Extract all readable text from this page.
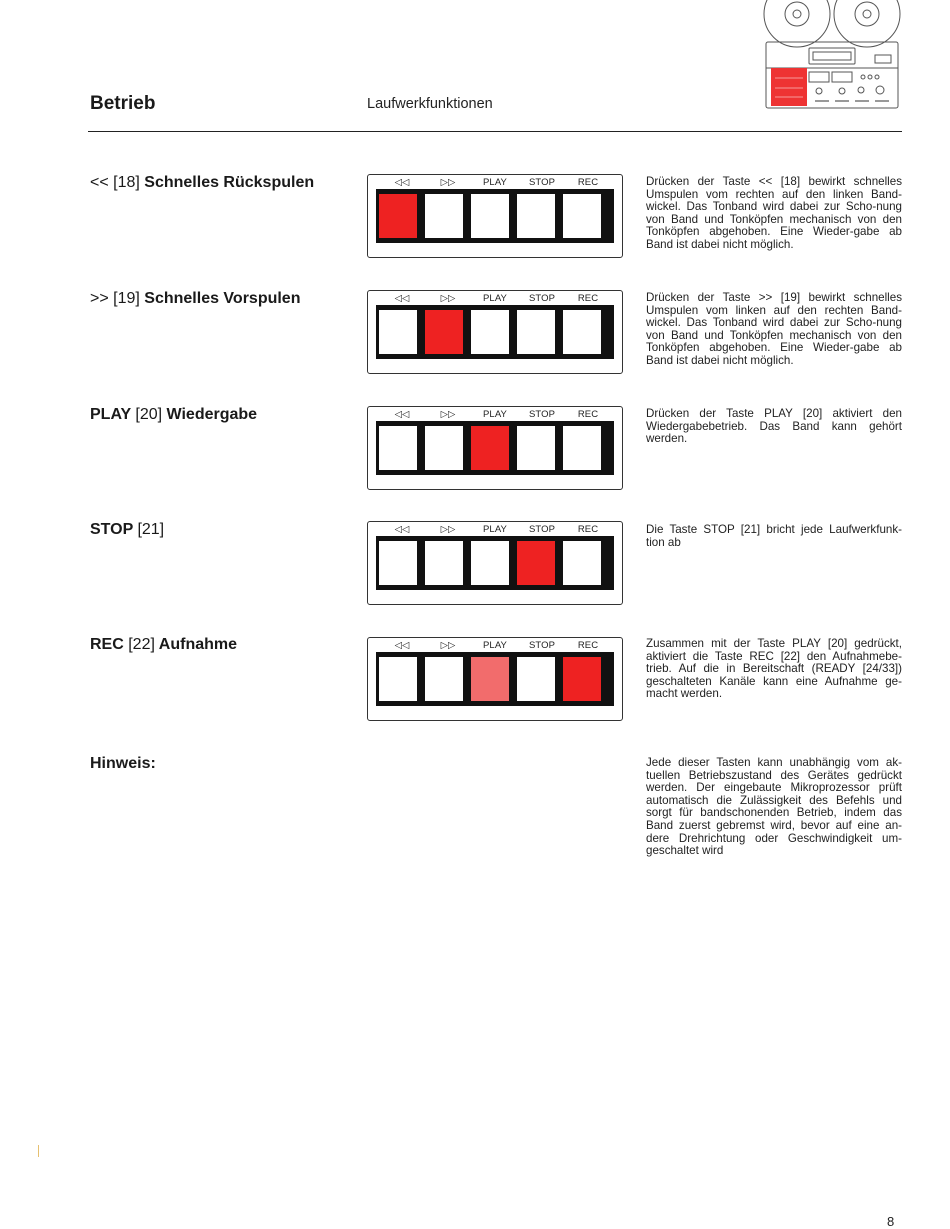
Betrieb	Laufwerkfunktionen
<< [18] Schnelles Rückspulen	◁◁	▷▷	PLAY	STOP	REC	Drücken der Taste << [18] bewirkt schnelles Umspulen vom rechten auf den linken Band-wickel. Das Tonband wird dabei zur Scho-nung von Band und Tonköpfen mechanisch von den Tonköpfen abgehoben. Eine Wieder-gabe ab Band ist dabei nicht möglich.
>> [19] Schnelles Vorspulen	◁◁	▷▷	PLAY	STOP	REC	Drücken der Taste >> [19] bewirkt schnelles Umspulen vom linken auf den rechten Band-wickel. Das Tonband wird dabei zur Scho-nung von Band und Tonköpfen mechanisch von den Tonköpfen abgehoben. Eine Wieder-gabe ab Band ist dabei nicht möglich.
PLAY [20] Wiedergabe	◁◁	▷▷	PLAY	STOP	REC	Drücken der Taste PLAY [20] aktiviert den Wiedergabebetrieb. Das Band kann gehört werden.
STOP [21]	◁◁	▷▷	PLAY	STOP	REC	Die Taste STOP [21] bricht jede Laufwerkfunk-tion ab
REC [22] Aufnahme	◁◁	▷▷	PLAY	STOP	REC	Zusammen mit der Taste PLAY [20] gedrückt, aktiviert die Taste REC [22] den Aufnahmebe-trieb. Auf die in Bereitschaft (READY [24/33]) geschalteten Kanäle kann eine Aufnahme ge-macht werden.
Hinweis:	Jede dieser Tasten kann unabhängig vom ak-tuellen Betriebszustand des Gerätes gedrückt werden. Der eingebaute Mikroprozessor prüft automatisch die Zulässigkeit des Befehls und sorgt für bandschonenden Betrieb, indem das Band zuerst gebremst wird, bevor auf eine an-dere Drehrichtung oder Geschwindigkeit um-geschaltet wird
8
